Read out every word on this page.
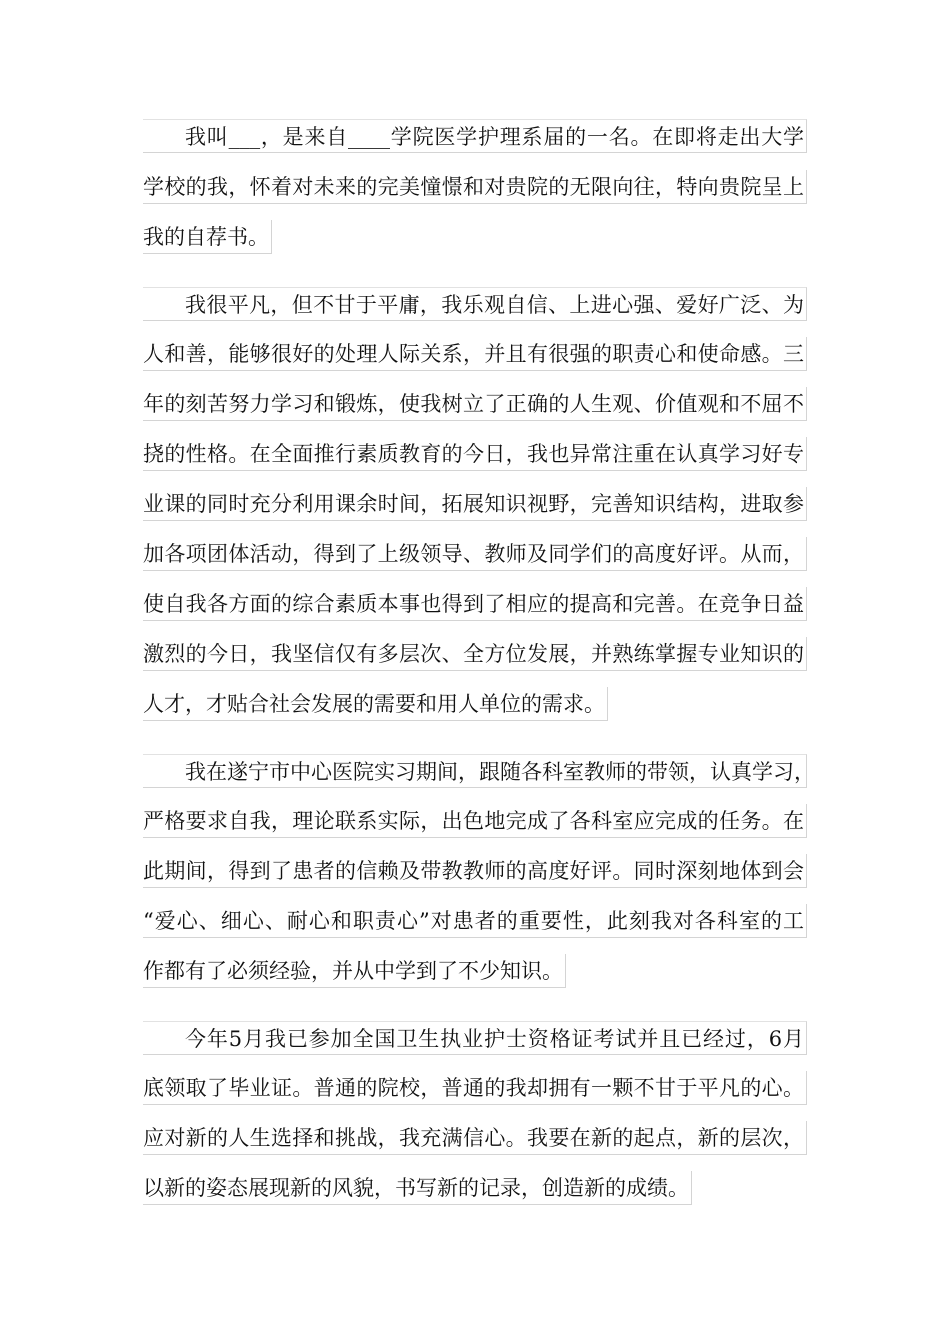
我叫___，是来自____学院医学护理系届的一名。在即将走出大学
学校的我，怀着对未来的完美憧憬和对贵院的无限向往，特向贵院呈上
我的自荐书。
我很平凡，但不甘于平庸，我乐观自信、上进心强、爱好广泛、为
人和善，能够很好的处理人际关系，并且有很强的职责心和使命感。三
年的刻苦努力学习和锻炼，使我树立了正确的人生观、价值观和不屈不
挠的性格。在全面推行素质教育的今日，我也异常注重在认真学习好专
业课的同时充分利用课余时间，拓展知识视野，完善知识结构，进取参
加各项团体活动，得到了上级领导、教师及同学们的高度好评。从而，
使自我各方面的综合素质本事也得到了相应的提高和完善。在竞争日益
激烈的今日，我坚信仅有多层次、全方位发展，并熟练掌握专业知识的
人才，才贴合社会发展的需要和用人单位的需求。
我在遂宁市中心医院实习期间，跟随各科室教师的带领，认真学习，
严格要求自我，理论联系实际，出色地完成了各科室应完成的任务。在
此期间，得到了患者的信赖及带教教师的高度好评。同时深刻地体到会
“爱心、细心、耐心和职责心”对患者的重要性，此刻我对各科室的工
作都有了必须经验，并从中学到了不少知识。
今年5月我已参加全国卫生执业护士资格证考试并且已经过，6月
底领取了毕业证。普通的院校，普通的我却拥有一颗不甘于平凡的心。
应对新的人生选择和挑战，我充满信心。我要在新的起点，新的层次，
以新的姿态展现新的风貌，书写新的记录，创造新的成绩。
